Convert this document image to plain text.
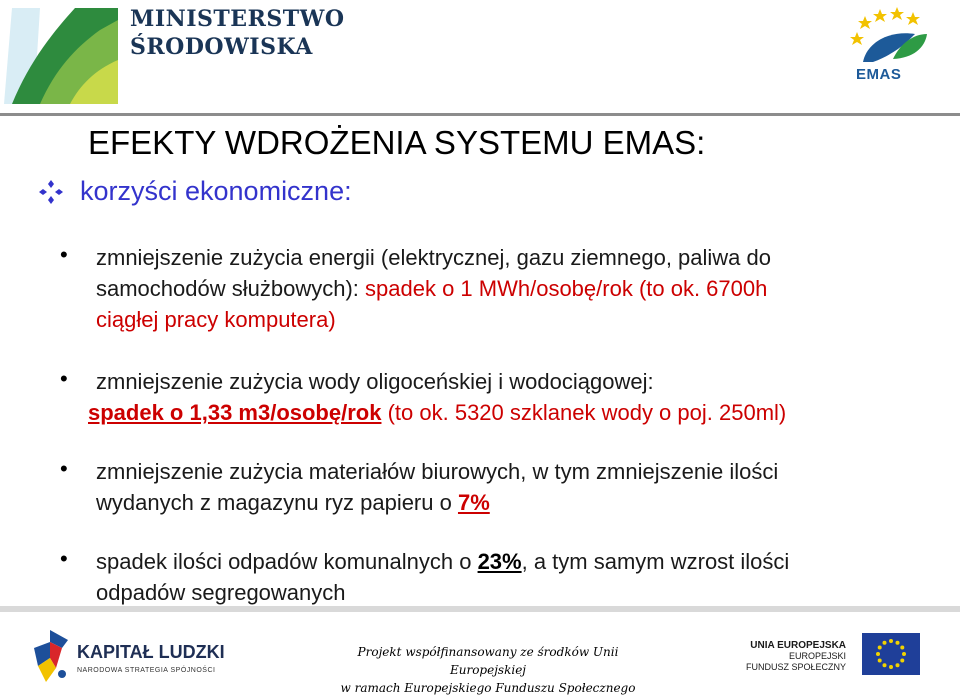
MINISTERSTWO
ŚRODOWISKA
EMAS
EFEKTY WDROŻENIA SYSTEMU EMAS:
korzyści ekonomiczne:
• zmniejszenie zużycia energii (elektrycznej, gazu ziemnego, paliwa do
samochodów służbowych): spadek o 1 MWh/osobę/rok (to ok. 6700h
ciągłej pracy komputera)
• zmniejszenie zużycia wody oligoceńskiej i wodociągowej:
spadek o 1,33 m3/osobę/rok (to ok. 5320 szklanek wody o poj. 250ml)
• zmniejszenie zużycia materiałów biurowych, w tym zmniejszenie ilości
wydanych z magazynu ryz papieru o 7%
• spadek ilości odpadów komunalnych o 23%, a tym samym wzrost ilości
odpadów segregowanych
KAPITAŁ LUDZKI
NARODOWA STRATEGIA SPÓJNOŚCI
Projekt współfinansowany ze środków Unii Europejskiej
w ramach Europejskiego Funduszu Społecznego
UNIA EUROPEJSKA
EUROPEJSKI
FUNDUSZ SPOŁECZNY
